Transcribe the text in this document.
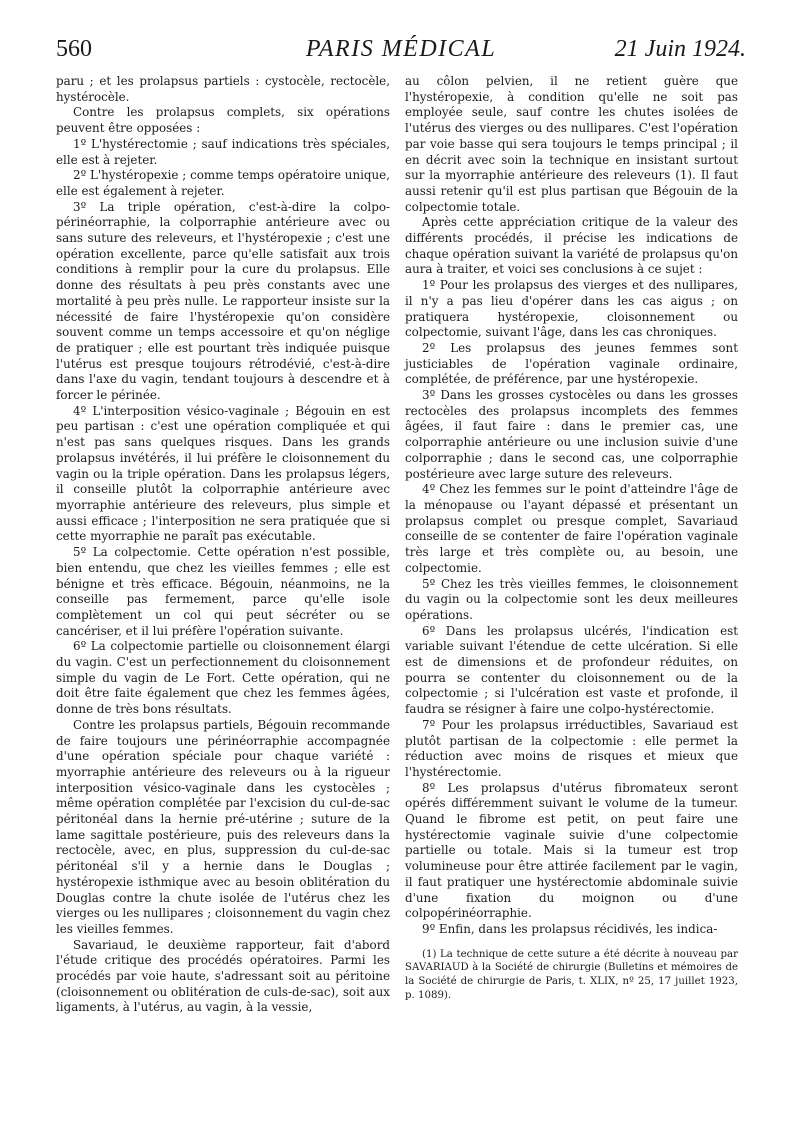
560	PARIS MÉDICAL	21 Juin 1924.

paru ; et les prolapsus partiels : cystocèle, rectocèle, hystérocèle.

Contre les prolapsus complets, six opérations peuvent être opposées :

1º L'hystérectomie ; sauf indications très spéciales, elle est à rejeter.

2º L'hystéropexie ; comme temps opératoire unique, elle est également à rejeter.

3º La triple opération, c'est-à-dire la colpo-périnéorraphie, la colporraphie antérieure avec ou sans suture des releveurs, et l'hystéropexie ; c'est une opération excellente, parce qu'elle satisfait aux trois conditions à remplir pour la cure du prolapsus. Elle donne des résultats à peu près constants avec une mortalité à peu près nulle. Le rapporteur insiste sur la nécessité de faire l'hystéropexie qu'on considère souvent comme un temps accessoire et qu'on néglige de pratiquer ; elle est pourtant très indiquée puisque l'utérus est presque toujours rétrodévié, c'est-à-dire dans l'axe du vagin, tendant toujours à descendre et à forcer le périnée.

4º L'interposition vésico-vaginale ; Bégouin en est peu partisan : c'est une opération compliquée et qui n'est pas sans quelques risques. Dans les grands prolapsus invétérés, il lui préfère le cloisonnement du vagin ou la triple opération. Dans les prolapsus légers, il conseille plutôt la colporraphie antérieure avec myorraphie antérieure des releveurs, plus simple et aussi efficace ; l'interposition ne sera pratiquée que si cette myorraphie ne paraît pas exécutable.

5º La colpectomie. Cette opération n'est possible, bien entendu, que chez les vieilles femmes ; elle est bénigne et très efficace. Bégouin, néanmoins, ne la conseille pas fermement, parce qu'elle isole complètement un col qui peut sécréter ou se cancériser, et il lui préfère l'opération suivante.

6º La colpectomie partielle ou cloisonnement élargi du vagin. C'est un perfectionnement du cloisonnement simple du vagin de Le Fort. Cette opération, qui ne doit être faite également que chez les femmes âgées, donne de très bons résultats.

Contre les prolapsus partiels, Bégouin recommande de faire toujours une périnéorraphie accompagnée d'une opération spéciale pour chaque variété : myorraphie antérieure des releveurs ou à la rigueur interposition vésico-vaginale dans les cystocèles ; même opération complétée par l'excision du cul-de-sac péritonéal dans la hernie pré-utérine ; suture de la lame sagittale postérieure, puis des releveurs dans la rectocèle, avec, en plus, suppression du cul-de-sac péritonéal s'il y a hernie dans le Douglas ; hystéropexie isthmique avec au besoin oblitération du Douglas contre la chute isolée de l'utérus chez les vierges ou les nullipares ; cloisonnement du vagin chez les vieilles femmes.

Savariaud, le deuxième rapporteur, fait d'abord l'étude critique des procédés opératoires. Parmi les procédés par voie haute, s'adressant soit au péritoine (cloisonnement ou oblitération de culs-de-sac), soit aux ligaments, à l'utérus, au vagin, à la vessie,

au côlon pelvien, il ne retient guère que l'hystéropexie, à condition qu'elle ne soit pas employée seule, sauf contre les chutes isolées de l'utérus des vierges ou des nullipares. C'est l'opération par voie basse qui sera toujours le temps principal ; il en décrit avec soin la technique en insistant surtout sur la myorraphie antérieure des releveurs (1). Il faut aussi retenir qu'il est plus partisan que Bégouin de la colpectomie totale.

Après cette appréciation critique de la valeur des différents procédés, il précise les indications de chaque opération suivant la variété de prolapsus qu'on aura à traiter, et voici ses conclusions à ce sujet :

1º Pour les prolapsus des vierges et des nullipares, il n'y a pas lieu d'opérer dans les cas aigus ; on pratiquera hystéropexie, cloisonnement ou colpectomie, suivant l'âge, dans les cas chroniques.

2º Les prolapsus des jeunes femmes sont justiciables de l'opération vaginale ordinaire, complétée, de préférence, par une hystéropexie.

3º Dans les grosses cystocèles ou dans les grosses rectocèles des prolapsus incomplets des femmes âgées, il faut faire : dans le premier cas, une colporraphie antérieure ou une inclusion suivie d'une colporraphie ; dans le second cas, une colporraphie postérieure avec large suture des releveurs.

4º Chez les femmes sur le point d'atteindre l'âge de la ménopause ou l'ayant dépassé et présentant un prolapsus complet ou presque complet, Savariaud conseille de se contenter de faire l'opération vaginale très large et très complète ou, au besoin, une colpectomie.

5º Chez les très vieilles femmes, le cloisonnement du vagin ou la colpectomie sont les deux meilleures opérations.

6º Dans les prolapsus ulcérés, l'indication est variable suivant l'étendue de cette ulcération. Si elle est de dimensions et de profondeur réduites, on pourra se contenter du cloisonnement ou de la colpectomie ; si l'ulcération est vaste et profonde, il faudra se résigner à faire une colpo-hystérectomie.

7º Pour les prolapsus irréductibles, Savariaud est plutôt partisan de la colpectomie : elle permet la réduction avec moins de risques et mieux que l'hystérectomie.

8º Les prolapsus d'utérus fibromateux seront opérés différemment suivant le volume de la tumeur. Quand le fibrome est petit, on peut faire une hystérectomie vaginale suivie d'une colpectomie partielle ou totale. Mais si la tumeur est trop volumineuse pour être attirée facilement par le vagin, il faut pratiquer une hystérectomie abdominale suivie d'une fixation du moignon ou d'une colpopérinéorraphie.

9º Enfin, dans les prolapsus récidivés, les indica-

(1) La technique de cette suture a été décrite à nouveau par SAVARIAUD à la Société de chirurgie (Bulletins et mémoires de la Société de chirurgie de Paris, t. XLIX, nº 25, 17 juillet 1923, p. 1089).
